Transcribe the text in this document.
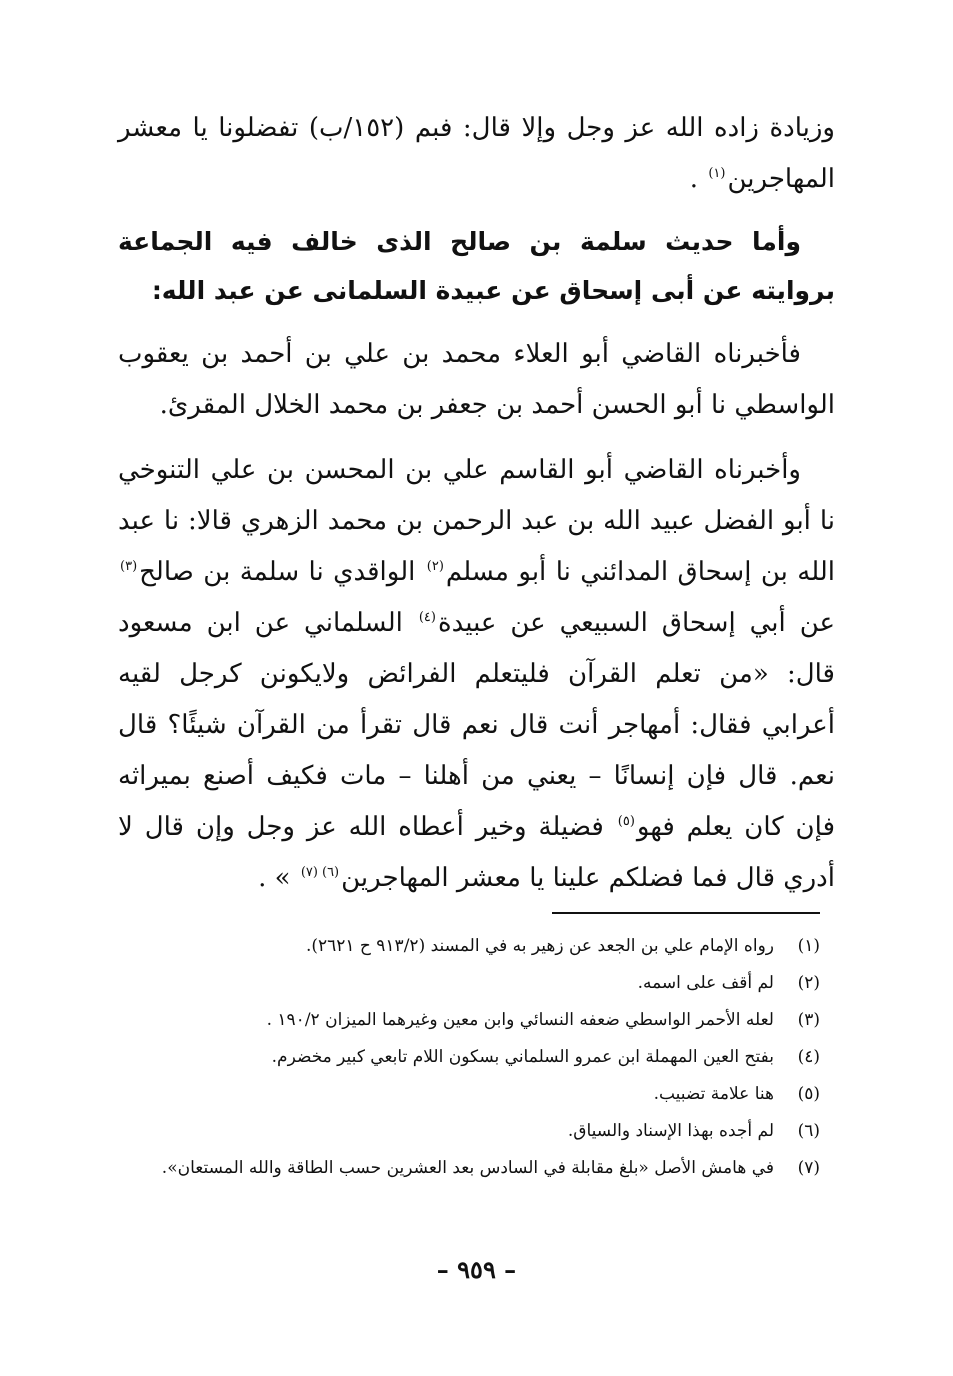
وزيادة زاده الله عز وجل وإلا قال: فبم (١٥٢/ب) تفضلونا يا معشر المهاجرين$^{(١)}$ .

وأما حديث سلمة بن صالح الذى خالف فيه الجماعة بروايته عن أبى إسحاق عن عبيدة السلمانى عن عبد الله:

فأخبرناه القاضي أبو العلاء محمد بن علي بن أحمد بن يعقوب الواسطي نا أبو الحسن أحمد بن جعفر بن محمد الخلال المقرئ.

وأخبرناه القاضي أبو القاسم علي بن المحسن بن علي التنوخي نا أبو الفضل عبيد الله بن عبد الرحمن بن محمد الزهري قالا: نا عبد الله بن إسحاق المدائني نا أبو مسلم$^{(٢)}$ الواقدي نا سلمة بن صالح$^{(٣)}$ عن أبي إسحاق السبيعي عن عبيدة$^{(٤)}$ السلماني عن ابن مسعود قال: «من تعلم القرآن فليتعلم الفرائض ولايكونن كرجل لقيه أعرابي فقال: أمهاجر أنت قال نعم قال تقرأ من القرآن شيئًا؟ قال نعم. قال فإن إنسانًا – يعني من أهلنا – مات فكيف أصنع بميراثه فإن كان يعلم فهو$^{(٥)}$ فضيلة وخير أعطاه الله عز وجل وإن قال لا أدري قال فما فضلكم علينا يا معشر المهاجرين$^{(٦)(٧)}$ » .

(١)
رواه الإمام علي بن الجعد عن زهير به في المسند (٩١٣/٢ ح ٢٦٢١).
(٢)
لم أقف على اسمه.
(٣)
لعله الأحمر الواسطي ضعفه النسائي وابن معين وغيرهما الميزان ١٩٠/٢ .
(٤)
بفتح العين المهملة ابن عمرو السلماني بسكون اللام تابعي كبير مخضرم.
(٥)
هنا علامة تضبيب.
(٦)
لم أجده بهذا الإسناد والسياق.
(٧)
في هامش الأصل «بلغ مقابلة في السادس بعد العشرين حسب الطاقة والله المستعان».
– ٩٥٩ –
